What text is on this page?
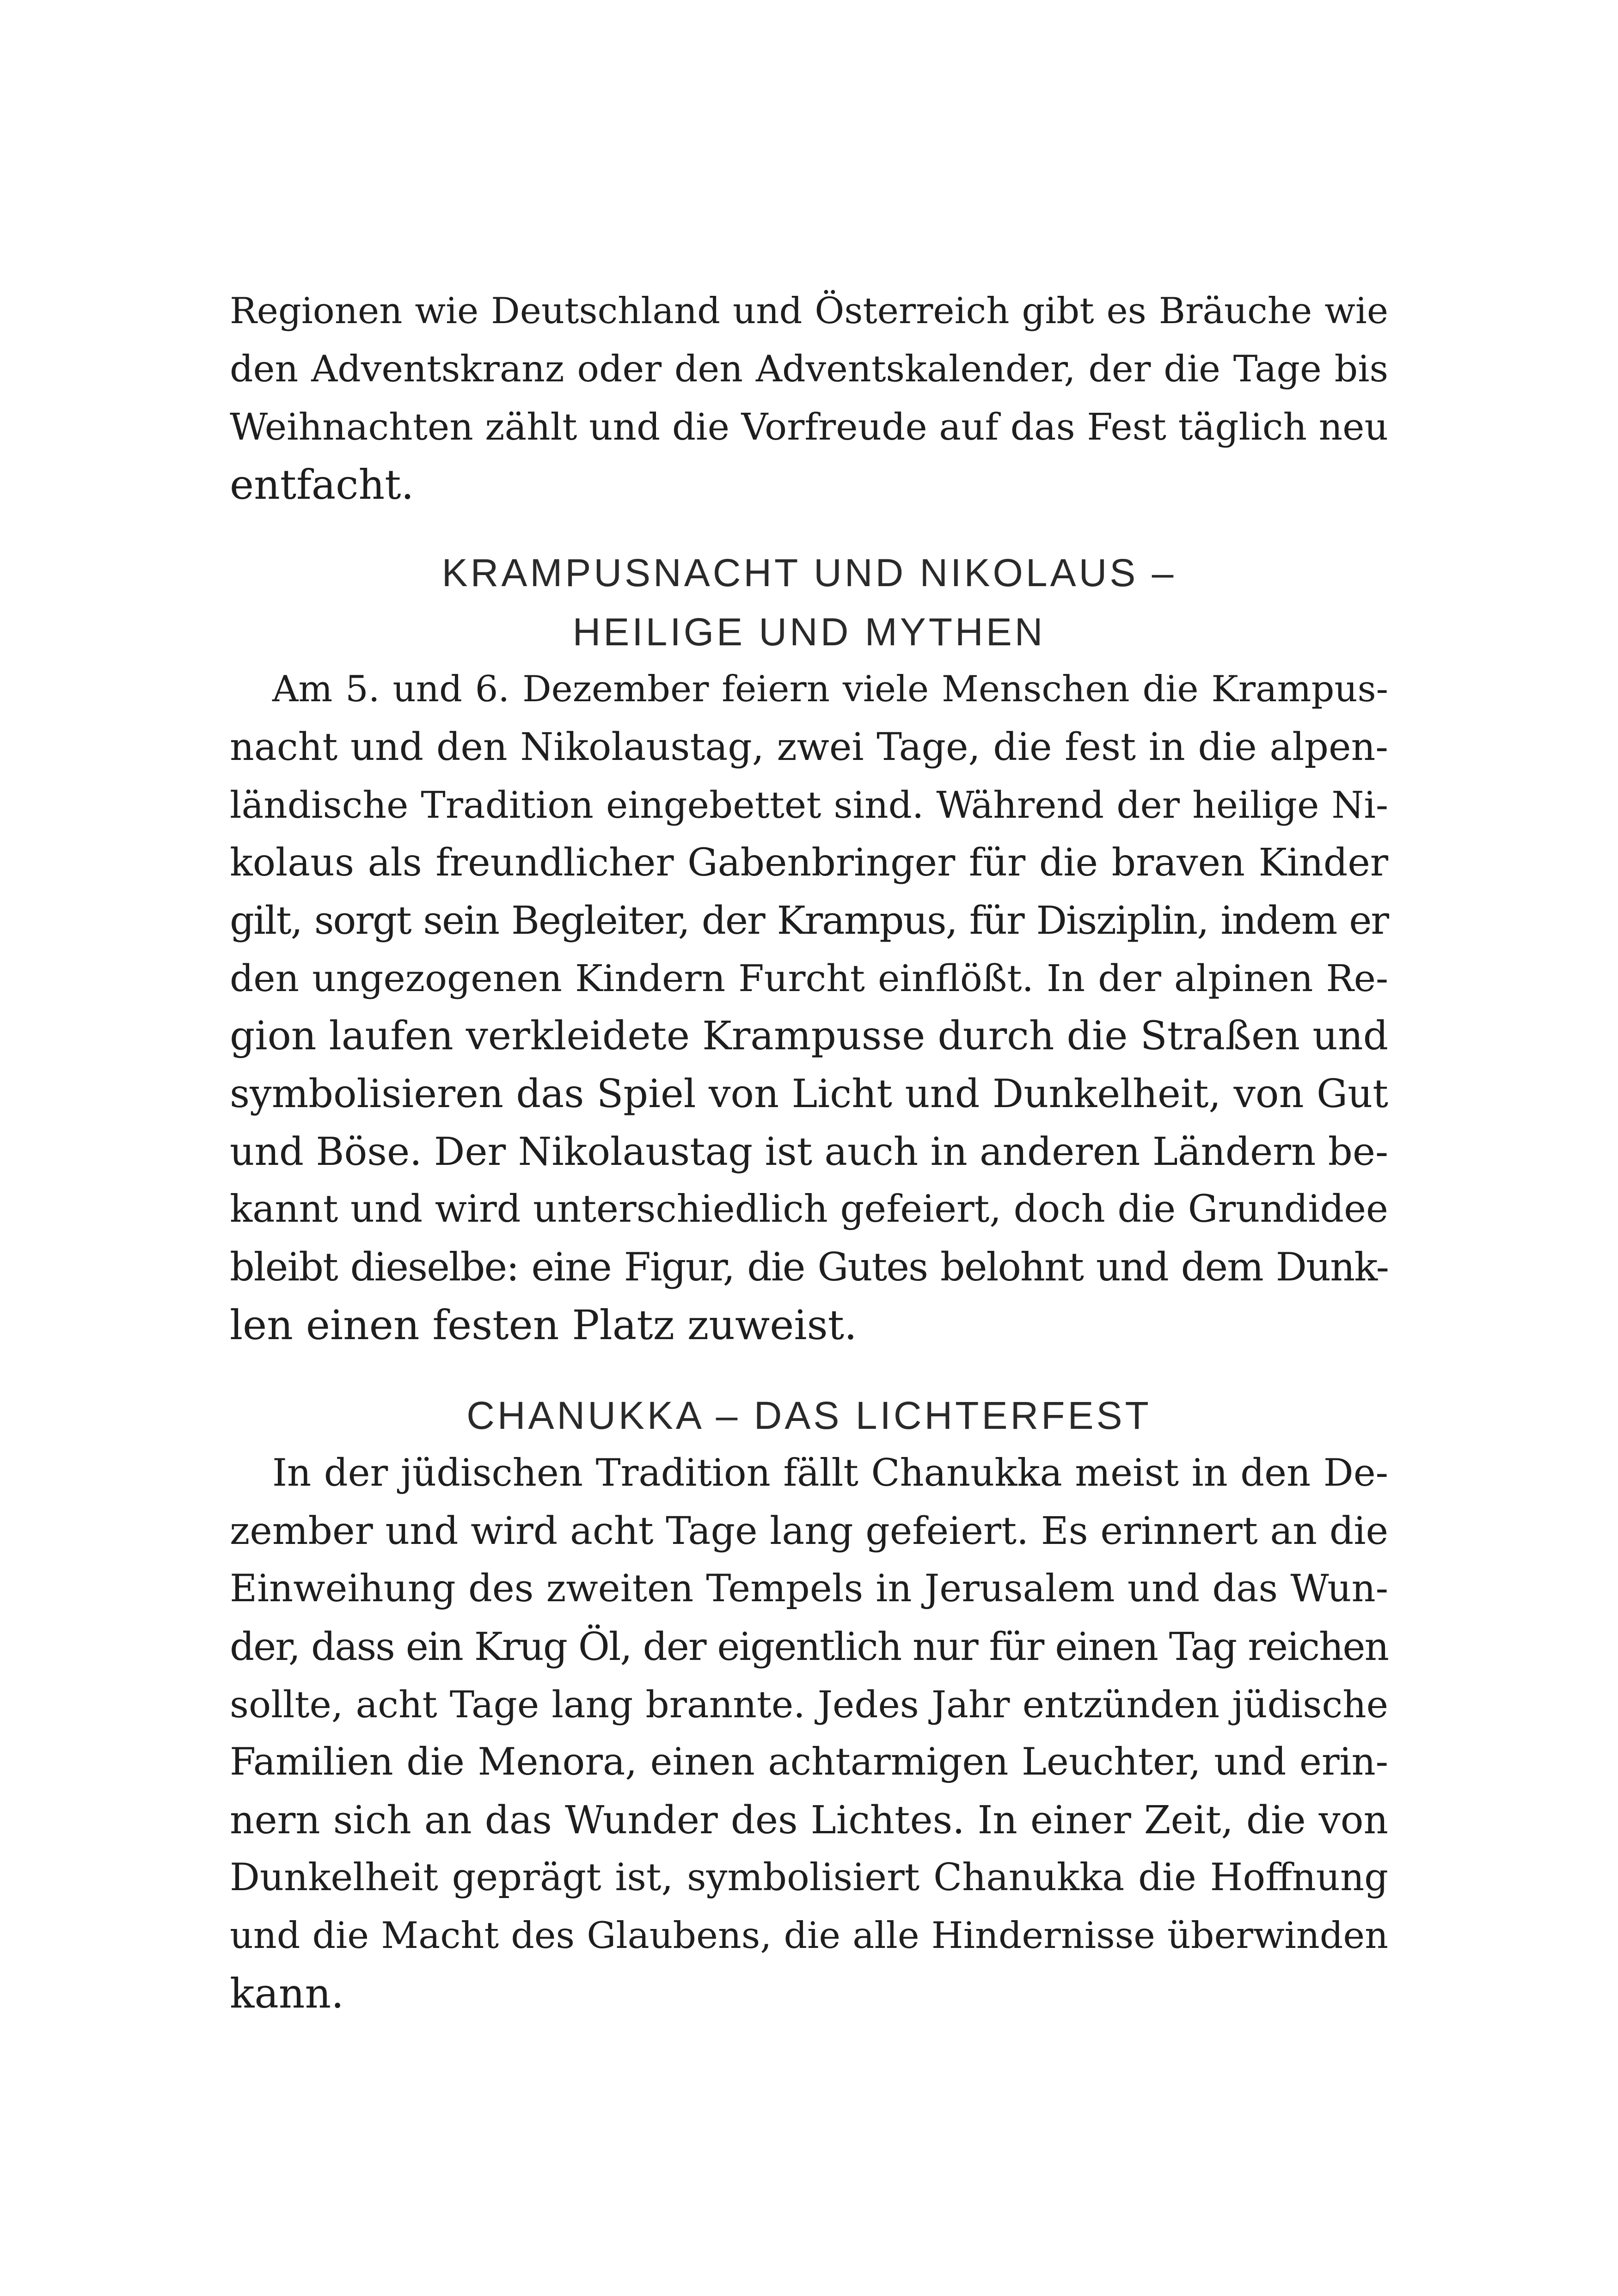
Regionen wie Deutschland und Österreich gibt es Bräuche wie
den Adventskranz oder den Adventskalender, der die Tage bis
Weihnachten zählt und die Vorfreude auf das Fest täglich neu
entfacht.
KRAMPUSNACHT UND NIKOLAUS –
HEILIGE UND MYTHEN
Am 5. und 6. Dezember feiern viele Menschen die Krampus-
nacht und den Nikolaustag, zwei Tage, die fest in die alpen-
ländische Tradition eingebettet sind. Während der heilige Ni-
kolaus als freundlicher Gabenbringer für die braven Kinder
gilt, sorgt sein Begleiter, der Krampus, für Disziplin, indem er
den ungezogenen Kindern Furcht einflößt. In der alpinen Re-
gion laufen verkleidete Krampusse durch die Straßen und
symbolisieren das Spiel von Licht und Dunkelheit, von Gut
und Böse. Der Nikolaustag ist auch in anderen Ländern be-
kannt und wird unterschiedlich gefeiert, doch die Grundidee
bleibt dieselbe: eine Figur, die Gutes belohnt und dem Dunk-
len einen festen Platz zuweist.
CHANUKKA – DAS LICHTERFEST
In der jüdischen Tradition fällt Chanukka meist in den De-
zember und wird acht Tage lang gefeiert. Es erinnert an die
Einweihung des zweiten Tempels in Jerusalem und das Wun-
der, dass ein Krug Öl, der eigentlich nur für einen Tag reichen
sollte, acht Tage lang brannte. Jedes Jahr entzünden jüdische
Familien die Menora, einen achtarmigen Leuchter, und erin-
nern sich an das Wunder des Lichtes. In einer Zeit, die von
Dunkelheit geprägt ist, symbolisiert Chanukka die Hoffnung
und die Macht des Glaubens, die alle Hindernisse überwinden
kann.
